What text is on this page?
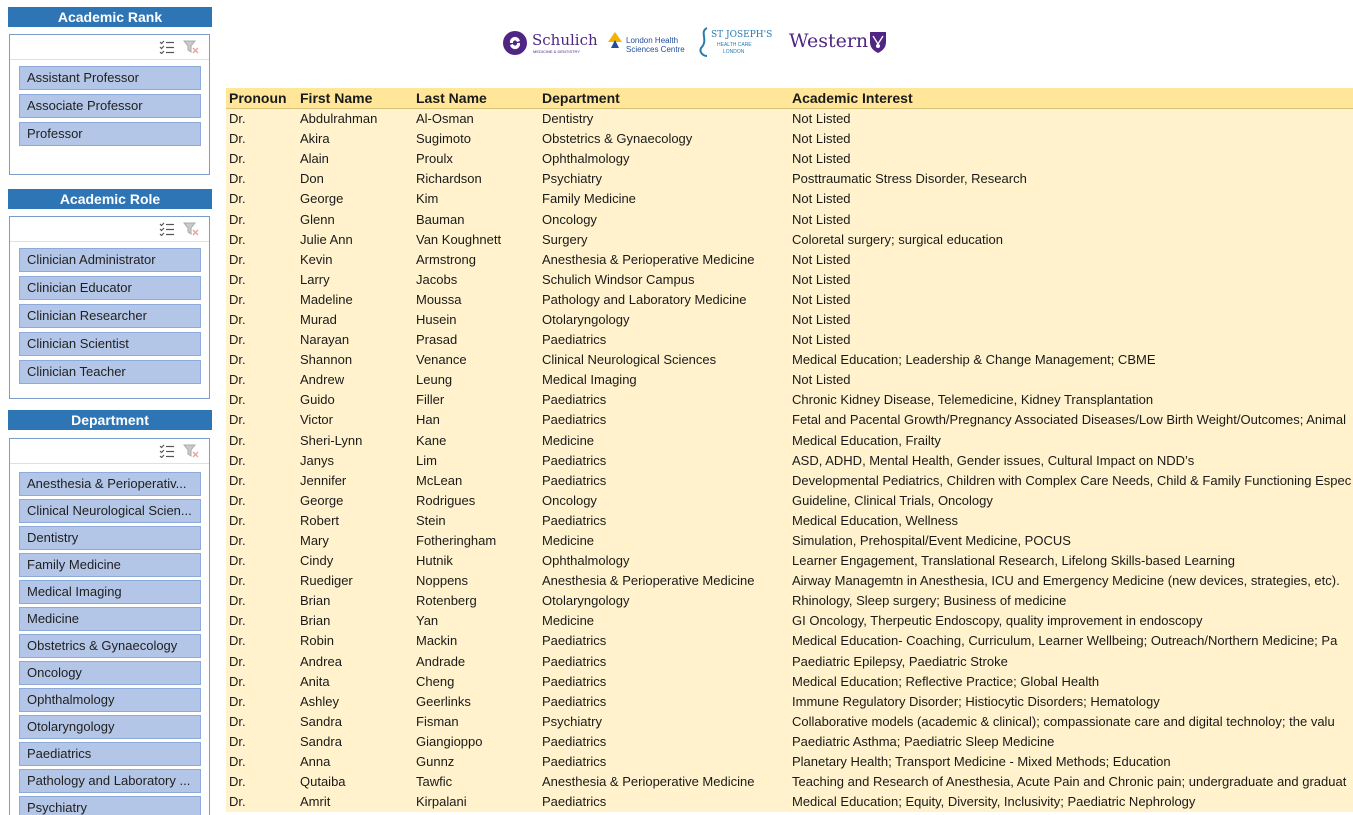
Academic Rank
Assistant Professor
Associate Professor
Professor
Academic Role
Clinician Administrator
Clinician Educator
Clinician Researcher
Clinician Scientist
Clinician Teacher
Department
Anesthesia & Perioperativ...
Clinical Neurological Scien...
Dentistry
Family Medicine
Medical Imaging
Medicine
Obstetrics & Gynaecology
Oncology
Ophthalmology
Otolaryngology
Paediatrics
Pathology and Laboratory ...
Psychiatry
Schulich
MEDICINE & DENTISTRY
London Health
Sciences Centre
ST JOSEPH'S
HEALTH CARE
LONDON Western
Pronoun	First Name	Last Name	Department	Academic Interest
Dr.	Abdulrahman	Al-Osman	Dentistry	Not Listed
Dr.	Akira	Sugimoto	Obstetrics & Gynaecology	Not Listed
Dr.	Alain	Proulx	Ophthalmology	Not Listed
Dr.	Don	Richardson	Psychiatry	Posttraumatic Stress Disorder, Research
Dr.	George	Kim	Family Medicine	Not Listed
Dr.	Glenn	Bauman	Oncology	Not Listed
Dr.	Julie Ann	Van Koughnett	Surgery	Coloretal surgery; surgical education
Dr.	Kevin	Armstrong	Anesthesia & Perioperative Medicine	Not Listed
Dr.	Larry	Jacobs	Schulich Windsor Campus	Not Listed
Dr.	Madeline	Moussa	Pathology and Laboratory Medicine	Not Listed
Dr.	Murad	Husein	Otolaryngology	Not Listed
Dr.	Narayan	Prasad	Paediatrics	Not Listed
Dr.	Shannon	Venance	Clinical Neurological Sciences	Medical Education; Leadership & Change Management; CBME
Dr.	Andrew	Leung	Medical Imaging	Not Listed
Dr.	Guido	Filler	Paediatrics	Chronic Kidney Disease, Telemedicine, Kidney Transplantation
Dr.	Victor	Han	Paediatrics	Fetal and Pacental Growth/Pregnancy Associated Diseases/Low Birth Weight/Outcomes; Animal
Dr.	Sheri-Lynn	Kane	Medicine	Medical Education, Frailty
Dr.	Janys	Lim	Paediatrics	ASD, ADHD, Mental Health, Gender issues, Cultural Impact on NDD’s
Dr.	Jennifer	McLean	Paediatrics	Developmental Pediatrics, Children with Complex Care Needs, Child & Family Functioning Espec
Dr.	George	Rodrigues	Oncology	Guideline, Clinical Trials, Oncology
Dr.	Robert	Stein	Paediatrics	Medical Education, Wellness
Dr.	Mary	Fotheringham	Medicine	Simulation, Prehospital/Event Medicine, POCUS
Dr.	Cindy	Hutnik	Ophthalmology	Learner Engagement, Translational Research, Lifelong Skills-based Learning
Dr.	Ruediger	Noppens	Anesthesia & Perioperative Medicine	Airway Managemtn in Anesthesia, ICU and Emergency Medicine (new devices, strategies, etc).
Dr.	Brian	Rotenberg	Otolaryngology	Rhinology, Sleep surgery; Business of medicine
Dr.	Brian	Yan	Medicine	GI Oncology, Therpeutic Endoscopy, quality improvement in endoscopy
Dr.	Robin	Mackin	Paediatrics	Medical Education- Coaching, Curriculum, Learner Wellbeing; Outreach/Northern Medicine; Pa
Dr.	Andrea	Andrade	Paediatrics	Paediatric Epilepsy, Paediatric Stroke
Dr.	Anita	Cheng	Paediatrics	Medical Education; Reflective Practice; Global Health
Dr.	Ashley	Geerlinks	Paediatrics	Immune Regulatory Disorder; Histiocytic Disorders; Hematology
Dr.	Sandra	Fisman	Psychiatry	Collaborative models (academic & clinical); compassionate care and digital technoloy; the valu
Dr.	Sandra	Giangioppo	Paediatrics	Paediatric Asthma; Paediatric Sleep Medicine
Dr.	Anna	Gunnz	Paediatrics	Planetary Health; Transport Medicine - Mixed Methods; Education
Dr.	Qutaiba	Tawfic	Anesthesia & Perioperative Medicine	Teaching and Research of Anesthesia, Acute Pain and Chronic pain; undergraduate and graduat
Dr.	Amrit	Kirpalani	Paediatrics	Medical Education; Equity, Diversity, Inclusivity; Paediatric Nephrology
